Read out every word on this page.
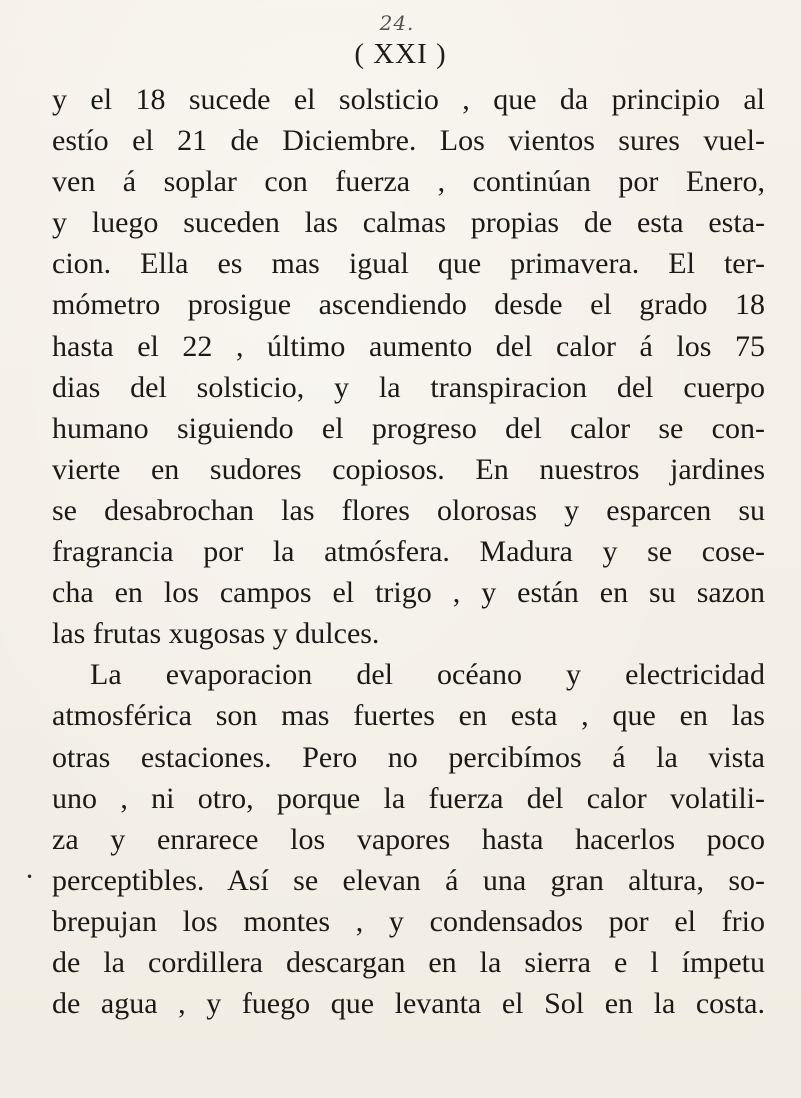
24.
( XXI )
•
y el 18 sucede el solsticio , que da principio al
estío el 21 de Diciembre. Los vientos sures vuel-
ven á soplar con fuerza , continúan por Enero,
y luego suceden las calmas propias de esta esta-
cion. Ella es mas igual que primavera. El ter-
mómetro prosigue ascendiendo desde el grado 18
hasta el 22 , último aumento del calor á los 75
dias del solsticio, y la transpiracion del cuerpo
humano siguiendo el progreso del calor se con-
vierte en sudores copiosos. En nuestros jardines
se desabrochan las flores olorosas y esparcen su
fragrancia por la atmósfera. Madura y se cose-
cha en los campos el trigo , y están en su sazon
las frutas xugosas y dulces.
La evaporacion del océano y electricidad
atmosférica son mas fuertes en esta , que en las
otras estaciones. Pero no percibímos á la vista
uno , ni otro, porque la fuerza del calor volatili-
za y enrarece los vapores hasta hacerlos poco
perceptibles. Así se elevan á una gran altura, so-
brepujan los montes , y condensados por el frio
de la cordillera descargan en la sierra e l ímpetu
de agua , y fuego que levanta el Sol en la costa.
